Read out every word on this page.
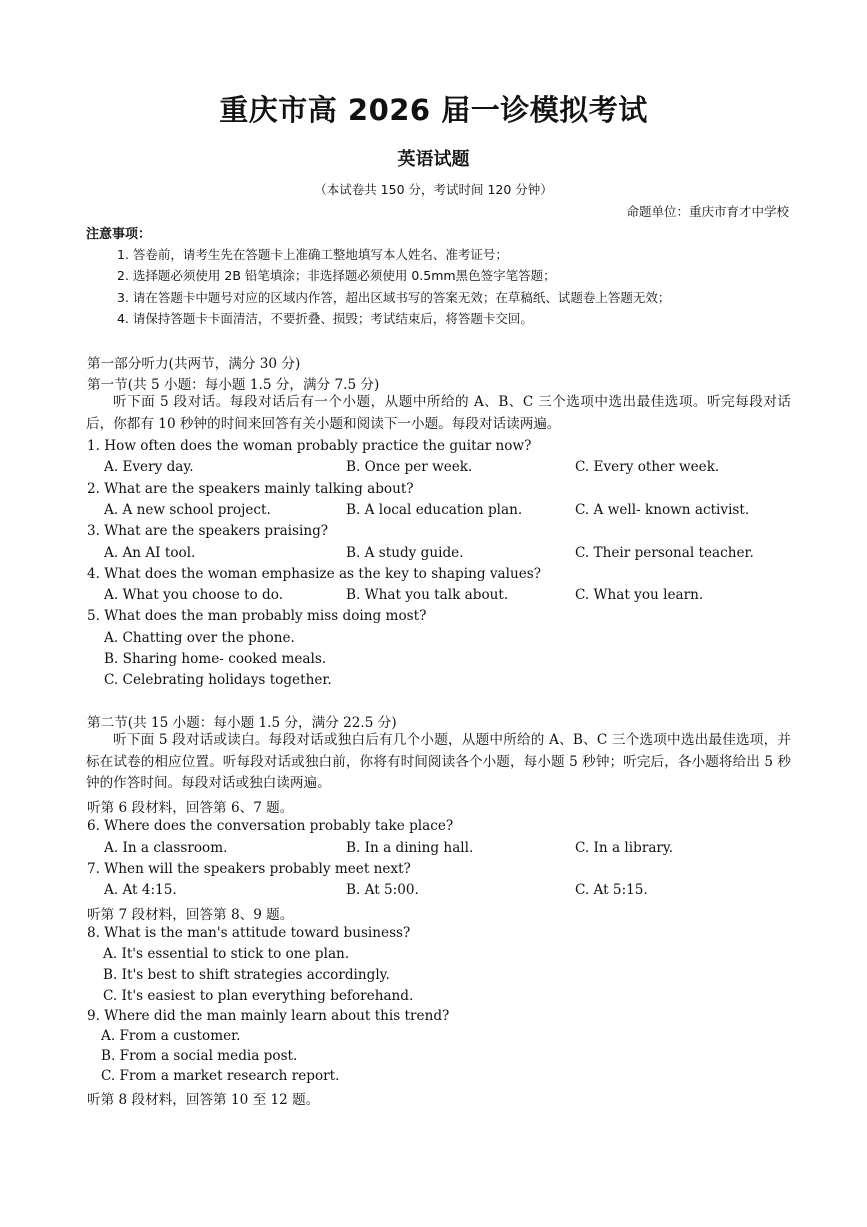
重庆市高 2026 届一诊模拟考试
英语试题
（本试卷共 150 分，考试时间 120 分钟）
命题单位：重庆市育才中学校
注意事项：
1. 答卷前，请考生先在答题卡上准确工整地填写本人姓名、准考证号；
2. 选择题必须使用 2B 铅笔填涂；非选择题必须使用 0.5mm黑色签字笔答题；
3. 请在答题卡中题号对应的区域内作答，超出区域书写的答案无效；在草稿纸、试题卷上答题无效；
4. 请保持答题卡卡面清洁，不要折叠、损毁；考试结束后，将答题卡交回。
第一部分听力(共两节，满分 30 分)
第一节(共 5 小题：每小题 1.5 分，满分 7.5 分)
听下面 5 段对话。每段对话后有一个小题，从题中所给的 A、B、C 三个选项中选出最佳选项。听完每段对话后，你都有 10 秒钟的时间来回答有关小题和阅读下一小题。每段对话读两遍。
1. How often does the woman probably practice the guitar now?
A. Every day.	B. Once per week.	C. Every other week.
2. What are the speakers mainly talking about?
A. A new school project.	B. A local education plan.	C. A well- known activist.
3. What are the speakers praising?
A. An AI tool.	B. A study guide.	C. Their personal teacher.
4. What does the woman emphasize as the key to shaping values?
A. What you choose to do.	B. What you talk about.	C. What you learn.
5. What does the man probably miss doing most?
A. Chatting over the phone.
B. Sharing home- cooked meals.
C. Celebrating holidays together.
第二节(共 15 小题：每小题 1.5 分，满分 22.5 分)
听下面 5 段对话或读白。每段对话或独白后有几个小题，从题中所给的 A、B、C 三个选项中选出最佳选项，并标在试卷的相应位置。听每段对话或独白前，你将有时间阅读各个小题，每小题 5 秒钟；听完后，各小题将给出 5 秒钟的作答时间。每段对话或独白读两遍。
听第 6 段材料，回答第 6、7 题。
6. Where does the conversation probably take place?
A. In a classroom.	B. In a dining hall.	C. In a library.
7. When will the speakers probably meet next?
A. At 4:15.	B. At 5:00.	C. At 5:15.
听第 7 段材料，回答第 8、9 题。
8. What is the man's attitude toward business?
A. It's essential to stick to one plan.
B. It's best to shift strategies accordingly.
C. It's easiest to plan everything beforehand.
9. Where did the man mainly learn about this trend?
A. From a customer.
B. From a social media post.
C. From a market research report.
听第 8 段材料，回答第 10 至 12 题。
